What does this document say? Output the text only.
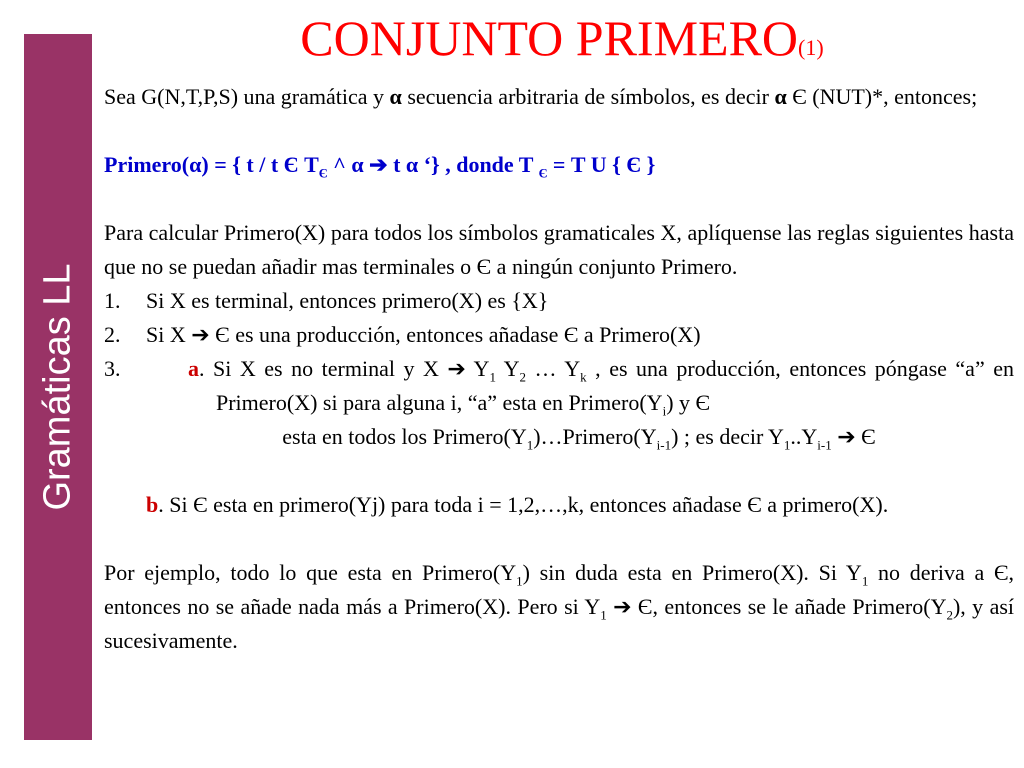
Gramáticas LL
CONJUNTO PRIMERO(1)

Sea G(N,T,P,S) una gramática y α secuencia arbitraria de símbolos, es decir α Є (NUT)*, entonces;

Primero(α) = { t / t Є $T_Є$ ^ α ➔ t α ‘} , donde T $_Є$ = T U { Є }

Para calcular Primero(X) para todos los símbolos gramaticales X, aplíquense las reglas siguientes hasta que no se puedan añadir mas terminales o Є a ningún conjunto Primero.

1.	Si X es terminal, entonces primero(X) es {X}
2.	Si X ➔ Є es una producción, entonces añadase Є a Primero(X)
3.	a. Si X es no terminal y X ➔ $Y_1$ $Y_2$ … $Y_k$ , es una producción, entonces póngase “a” en Primero(X) si para alguna i, “a” esta en $Primero(Y_i)$ y Є
esta en todos los $Primero(Y_1)\dots Primero(Y_{i-1})$ ; es decir $Y_1..Y_{i-1}$ ➔ Є
b. Si Є esta en primero(Yj) para toda i = 1,2,…,k, entonces añadase Є a primero(X).

Por ejemplo, todo lo que esta en $Primero(Y_1)$ sin duda esta en Primero(X). Si $Y_1$ no deriva a Є, entonces no se añade nada más a Primero(X). Pero si $Y_1$ ➔ Є, entonces se le añade $Primero(Y_2)$, y así sucesivamente.
